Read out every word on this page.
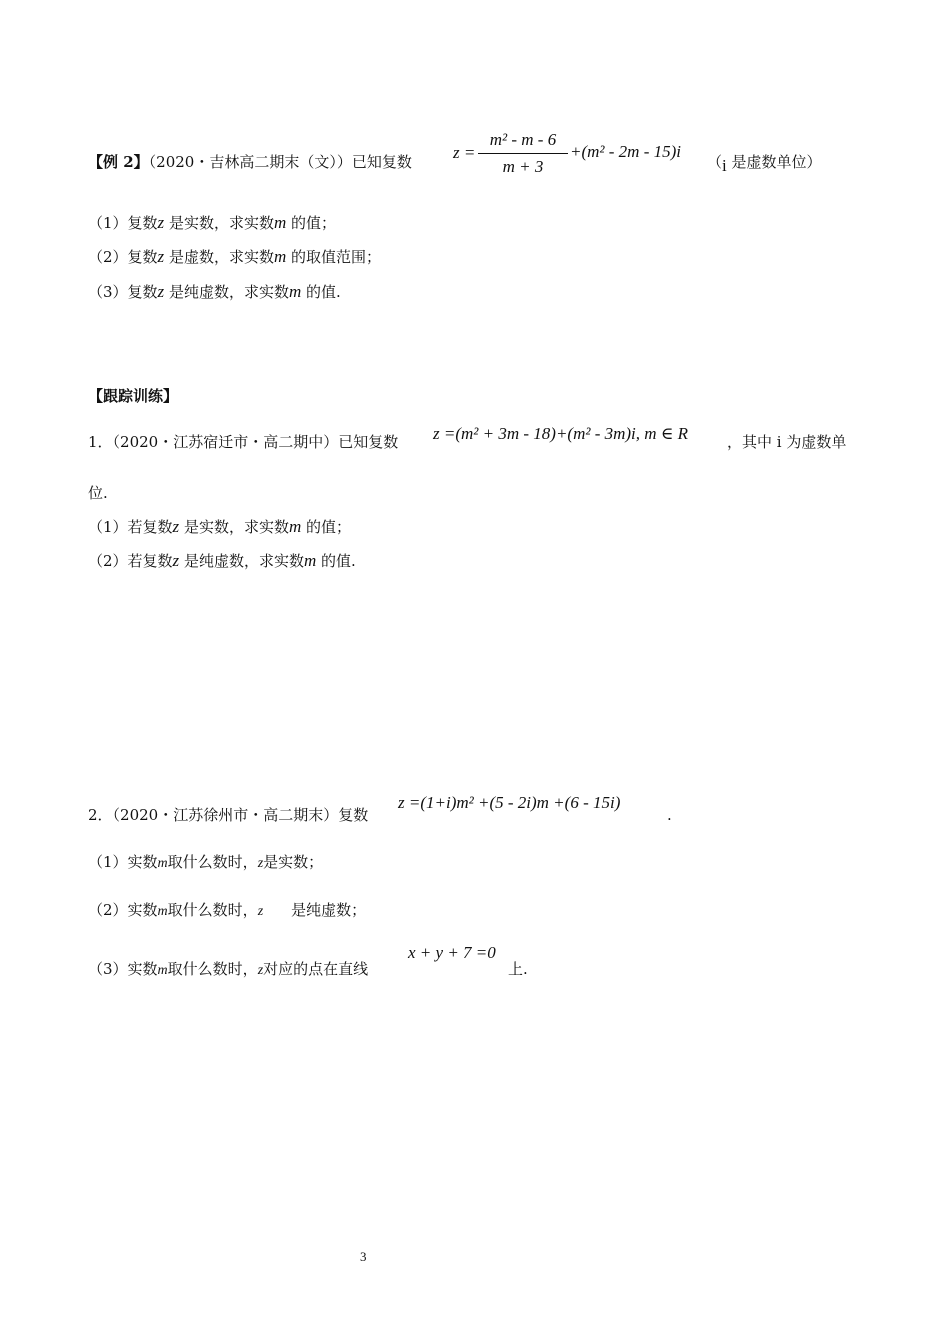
【例 2】（2020・吉林高二期末（文））已知复数 z =
m² - m - 6
m + 3
+(m² - 2m - 15)i
（i 是虚数单位）
（1）复数z 是实数，求实数m 的值；
（2）复数z 是虚数，求实数m 的取值范围；
（3）复数z 是纯虚数，求实数m 的值.
【跟踪训练】
1．（2020・江苏宿迁市・高二期中）已知复数 z =(m² + 3m - 18)+(m² - 3m)i, m ∈ R	，其中 i 为虚数单
位.
（1）若复数z 是实数，求实数m 的值；
（2）若复数z 是纯虚数，求实数m 的值.
2．（2020・江苏徐州市・高二期末）复数
z =(1+i)m² +(5 - 2i)m +(6 - 15i)
.
（1）实数m取什么数时，z是实数；
（2）实数m取什么数时，z 是纯虚数；
（3）实数m取什么数时，z对应的点在直线
x + y + 7 =0
上.
3
